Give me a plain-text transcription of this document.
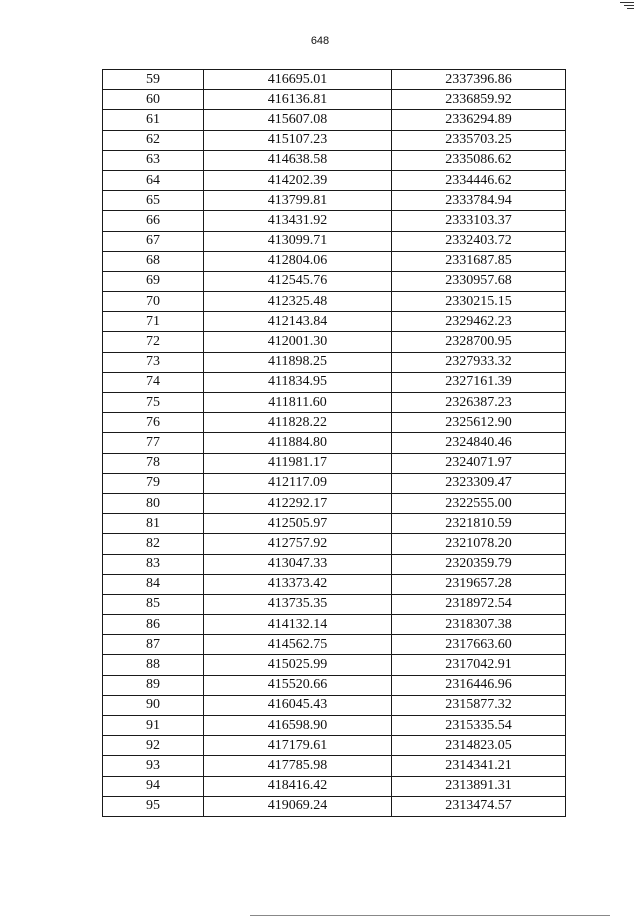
648
59	416695.01	2337396.86
60	416136.81	2336859.92
61	415607.08	2336294.89
62	415107.23	2335703.25
63	414638.58	2335086.62
64	414202.39	2334446.62
65	413799.81	2333784.94
66	413431.92	2333103.37
67	413099.71	2332403.72
68	412804.06	2331687.85
69	412545.76	2330957.68
70	412325.48	2330215.15
71	412143.84	2329462.23
72	412001.30	2328700.95
73	411898.25	2327933.32
74	411834.95	2327161.39
75	411811.60	2326387.23
76	411828.22	2325612.90
77	411884.80	2324840.46
78	411981.17	2324071.97
79	412117.09	2323309.47
80	412292.17	2322555.00
81	412505.97	2321810.59
82	412757.92	2321078.20
83	413047.33	2320359.79
84	413373.42	2319657.28
85	413735.35	2318972.54
86	414132.14	2318307.38
87	414562.75	2317663.60
88	415025.99	2317042.91
89	415520.66	2316446.96
90	416045.43	2315877.32
91	416598.90	2315335.54
92	417179.61	2314823.05
93	417785.98	2314341.21
94	418416.42	2313891.31
95	419069.24	2313474.57
